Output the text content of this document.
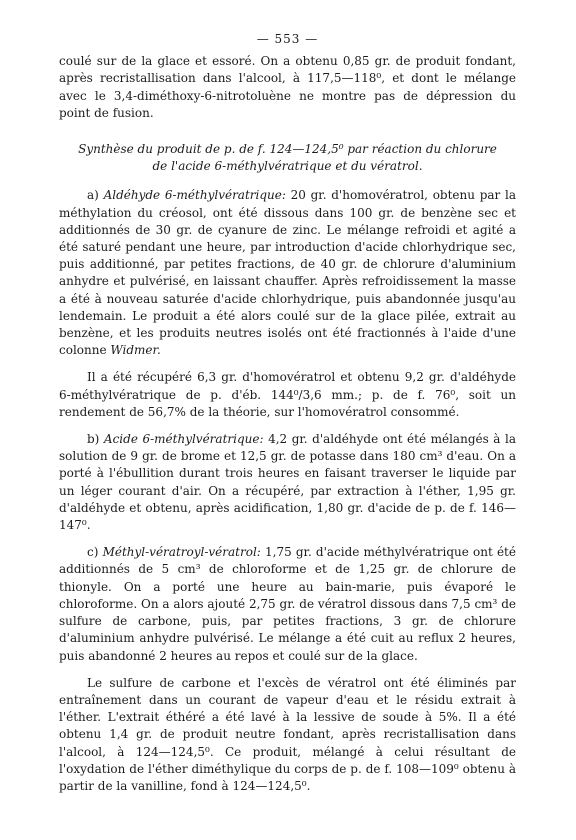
— 553 —

coulé sur de la glace et essoré. On a obtenu 0,85 gr. de produit fondant, après recristallisation dans l'alcool, à 117,5—118⁰, et dont le mélange avec le 3,4-diméthoxy-6-nitrotoluène ne montre pas de dépression du point de fusion.

Synthèse du produit de p. de f. 124—124,5⁰ par réaction du chlorure de l'acide 6-méthylvératrique et du vératrol.

a) Aldéhyde 6-méthylvératrique: 20 gr. d'homovératrol, obtenu par la méthylation du créosol, ont été dissous dans 100 gr. de benzène sec et additionnés de 30 gr. de cyanure de zinc. Le mélange refroidi et agité a été saturé pendant une heure, par introduction d'acide chlorhydrique sec, puis additionné, par petites fractions, de 40 gr. de chlorure d'aluminium anhydre et pulvérisé, en laissant chauffer. Après refroidissement la masse a été à nouveau saturée d'acide chlorhydrique, puis abandonnée jusqu'au lendemain. Le produit a été alors coulé sur de la glace pilée, extrait au benzène, et les produits neutres isolés ont été fractionnés à l'aide d'une colonne Widmer.

Il a été récupéré 6,3 gr. d'homovératrol et obtenu 9,2 gr. d'aldéhyde 6-méthylvératrique de p. d'éb. 144⁰/3,6 mm.; p. de f. 76⁰, soit un rendement de 56,7% de la théorie, sur l'homovératrol consommé.

b) Acide 6-méthylvératrique: 4,2 gr. d'aldéhyde ont été mélangés à la solution de 9 gr. de brome et 12,5 gr. de potasse dans 180 cm³ d'eau. On a porté à l'ébullition durant trois heures en faisant traverser le liquide par un léger courant d'air. On a récupéré, par extraction à l'éther, 1,95 gr. d'aldéhyde et obtenu, après acidification, 1,80 gr. d'acide de p. de f. 146—147⁰.

c) Méthyl-vératroyl-vératrol: 1,75 gr. d'acide méthylvératrique ont été additionnés de 5 cm³ de chloroforme et de 1,25 gr. de chlorure de thionyle. On a porté une heure au bain-marie, puis évaporé le chloroforme. On a alors ajouté 2,75 gr. de vératrol dissous dans 7,5 cm³ de sulfure de carbone, puis, par petites fractions, 3 gr. de chlorure d'aluminium anhydre pulvérisé. Le mélange a été cuit au reflux 2 heures, puis abandonné 2 heures au repos et coulé sur de la glace.

Le sulfure de carbone et l'excès de vératrol ont été éliminés par entraînement dans un courant de vapeur d'eau et le résidu extrait à l'éther. L'extrait éthéré a été lavé à la lessive de soude à 5%. Il a été obtenu 1,4 gr. de produit neutre fondant, après recristallisation dans l'alcool, à 124—124,5⁰. Ce produit, mélangé à celui résultant de l'oxydation de l'éther diméthylique du corps de p. de f. 108—109⁰ obtenu à partir de la vanilline, fond à 124—124,5⁰.
